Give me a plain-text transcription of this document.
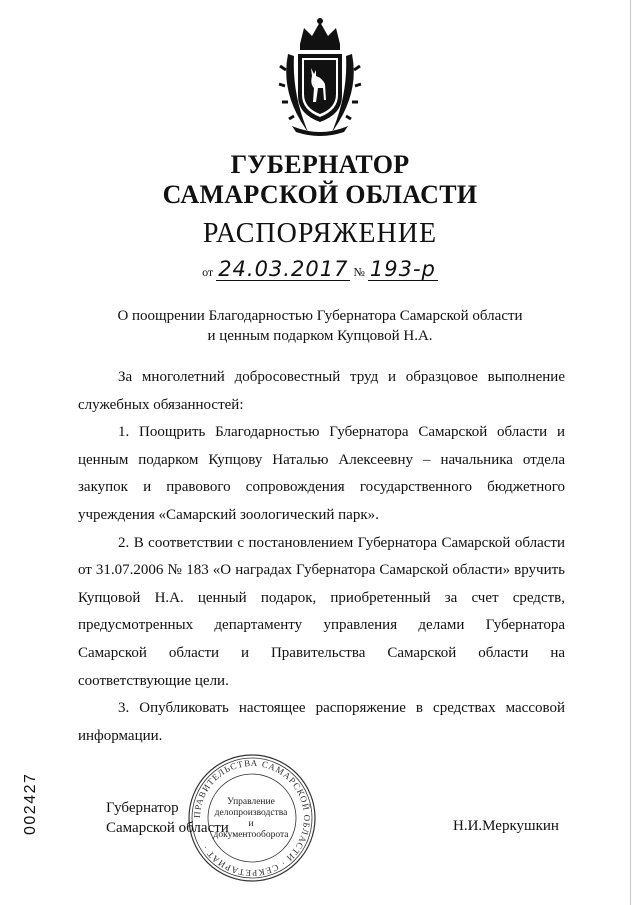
ГУБЕРНАТОР
САМАРСКОЙ ОБЛАСТИ
РАСПОРЯЖЕНИЕ
от 24.03.2017 № 193-р
О поощрении Благодарностью Губернатора Самарской области
и ценным подарком Купцовой Н.А.

За многолетний добросовестный труд и образцовое выполнение служебных обязанностей:

1. Поощрить Благодарностью Губернатора Самарской области и ценным подарком Купцову Наталью Алексеевну – начальника отдела закупок и правового сопровождения государственного бюджетного учреждения «Самарский зоологический парк».

2. В соответствии с постановлением Губернатора Самарской области от 31.07.2006 № 183 «О наградах Губернатора Самарской области» вручить Купцовой Н.А. ценный подарок, приобретенный за счет средств, предусмотренных департаменту управления делами Губернатора Самарской области и Правительства Самарской области на соответствующие цели.

3. Опубликовать настоящее распоряжение в средствах массовой информации.

ПРАВИТЕЛЬСТВА САМАРСКОЙ ОБЛАСТИ · СЕКРЕТАРИАТ ·
Управление
делопроизводства
и документооборота
Губернатор
Самарской области	Н.И.Меркушкин
002427
